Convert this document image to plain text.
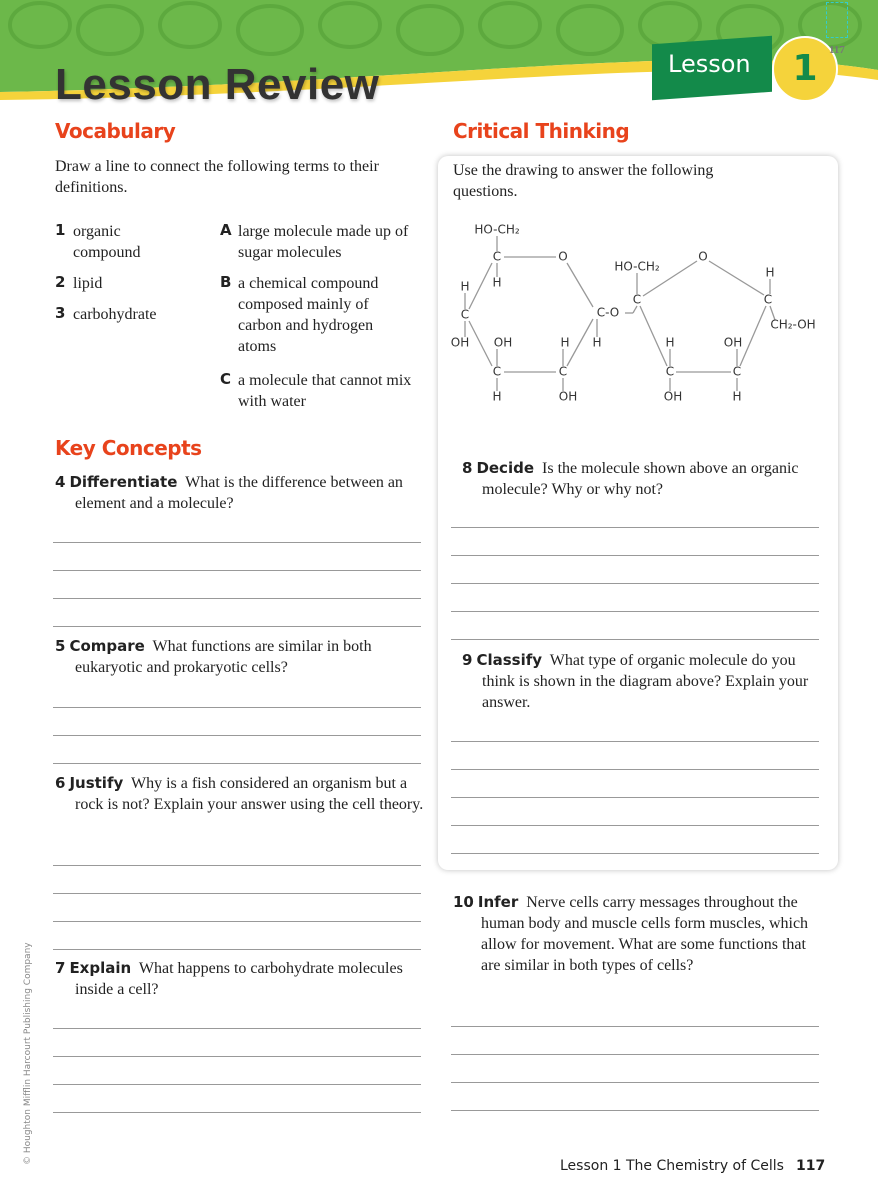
Lesson	1	117
Lesson Review
Vocabulary
Draw a line to connect the following terms to their definitions.
1 organic compound
2 lipid
3 carbohydrate
A large molecule made up of sugar molecules
B a chemical compound composed mainly of carbon and hydrogen atoms
C a molecule that cannot mix with water
Key Concepts
4 Differentiate What is the difference between an element and a molecule?
5 Compare What functions are similar in both eukaryotic and prokaryotic cells?
6 Justify Why is a fish considered an organism but a rock is not? Explain your answer using the cell theory.
7 Explain What happens to carbohydrate molecules inside a cell?
Critical Thinking
Use the drawing to answer the following questions.
HO-CH₂
C	O
H
H
C
OH OH	H H
C-O
C	C
H	OH
HO-CH₂
C
O
H
C
CH₂-OH
H	OH
C	C
OH	H
8 Decide Is the molecule shown above an organic molecule? Why or why not?
9 Classify What type of organic molecule do you think is shown in the diagram above? Explain your answer.
10 Infer Nerve cells carry messages throughout the human body and muscle cells form muscles, which allow for movement. What are some functions that are similar in both types of cells?
Lesson 1 The Chemistry of Cells 117
© Houghton Mifflin Harcourt Publishing Company
